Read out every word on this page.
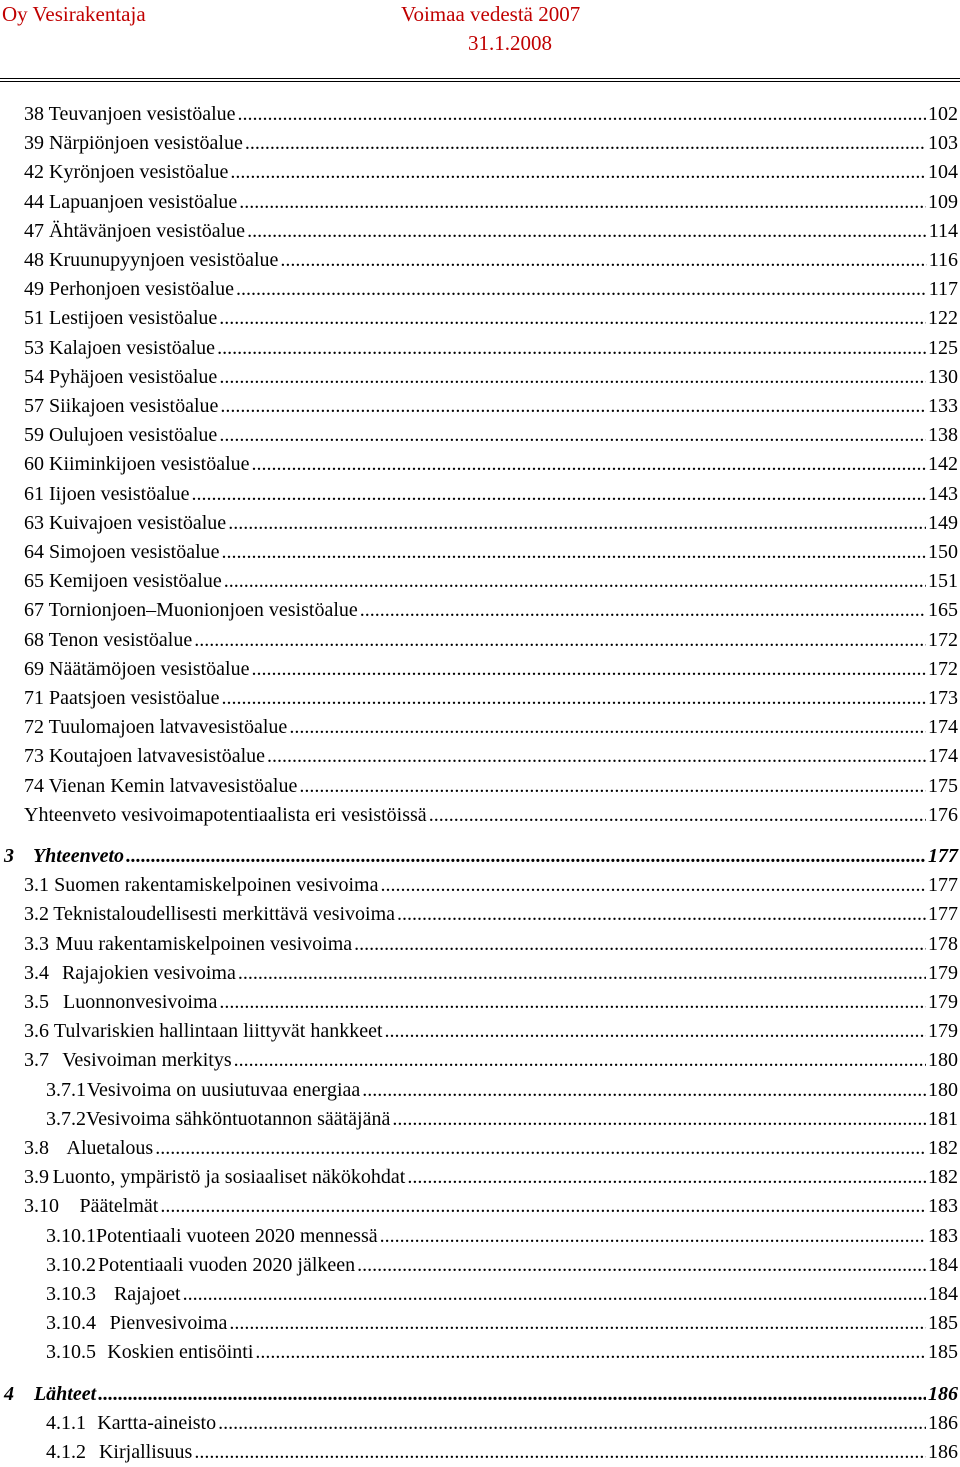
Oy Vesirakentaja	Voimaa vedestä 2007
31.1.2008
38 Teuvanjoen vesistöalue .....	102
39 Närpiönjoen vesistöalue .....	103
42 Kyrönjoen vesistöalue .....	104
44 Lapuanjoen vesistöalue .....	109
47 Ähtävänjoen vesistöalue .....	114
48 Kruunupyynjoen vesistöalue .....	116
49 Perhonjoen vesistöalue .....	117
51 Lestijoen vesistöalue .....	122
53 Kalajoen vesistöalue .....	125
54 Pyhäjoen vesistöalue .....	130
57 Siikajoen vesistöalue .....	133
59 Oulujoen vesistöalue .....	138
60 Kiiminkijoen vesistöalue .....	142
61 Iijoen vesistöalue .....	143
63 Kuivajoen vesistöalue .....	149
64 Simojoen vesistöalue .....	150
65 Kemijoen vesistöalue .....	151
67 Tornionjoen–Muonionjoen vesistöalue .....	165
68 Tenon vesistöalue .....	172
69 Näätämöjoen vesistöalue .....	172
71 Paatsjoen vesistöalue .....	173
72 Tuulomajoen latvavesistöalue .....	174
73 Koutajoen latvavesistöalue .....	174
74 Vienan Kemin latvavesistöalue .....	175
Yhteenveto vesivoimapotentiaalista eri vesistöissä .....	176
3 Yhteenveto .....	177
3.1 Suomen rakentamiskelpoinen vesivoima .....	177
3.2 Teknistaloudellisesti merkittävä vesivoima .....	177
3.3 Muu rakentamiskelpoinen vesivoima .....	178
3.4 Rajajokien vesivoima .....	179
3.5 Luonnonvesivoima .....	179
3.6 Tulvariskien hallintaan liittyvät hankkeet .....	179
3.7 Vesivoiman merkitys .....	180
3.7.1 Vesivoima on uusiutuvaa energiaa .....	180
3.7.2 Vesivoima sähköntuotannon säätäjänä .....	181
3.8 Aluetalous .....	182
3.9 Luonto, ympäristö ja sosiaaliset näkökohdat .....	182
3.10	Päätelmät .....	183
3.10.1 Potentiaali vuoteen 2020 mennessä .....	183
3.10.2 Potentiaali vuoden 2020 jälkeen .....	184
3.10.3 Rajajoet .....	184
3.10.4 Pienvesivoima .....	185
3.10.5 Koskien entisöinti .....	185
4 Lähteet .....	186
4.1.1 Kartta-aineisto .....	186
4.1.2 Kirjallisuus .....	186
